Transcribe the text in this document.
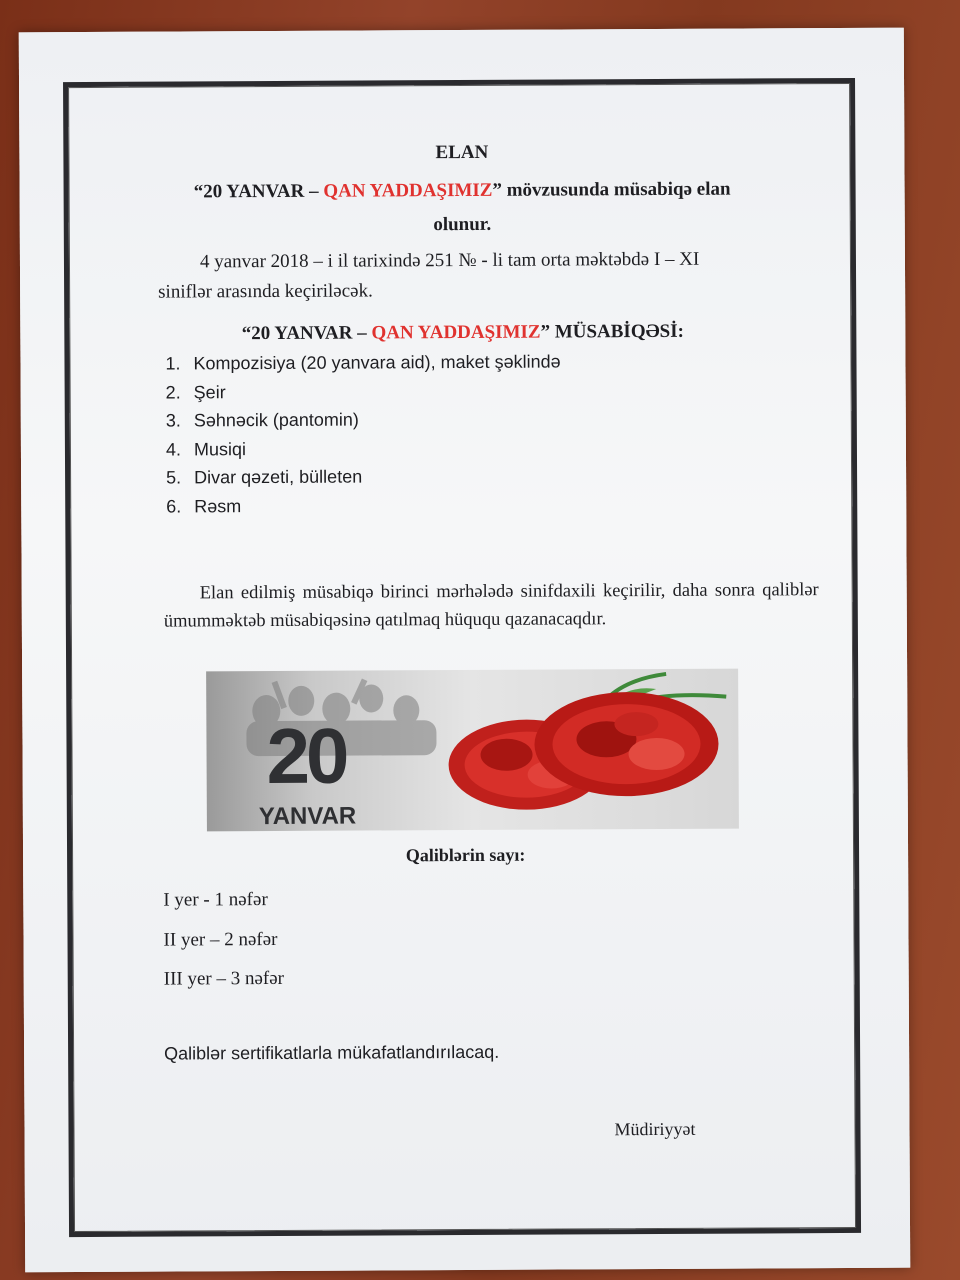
ELAN
“20 YANVAR – QAN YADDAŞIMIZ” mövzusunda müsabiqə elan
olunur.
4 yanvar 2018 – i il tarixində 251 № - li tam orta məktəbdə I – XI
siniflər arasında keçiriləcək.
“20 YANVAR – QAN YADDAŞIMIZ” MÜSABİQƏSİ:
1. Kompozisiya (20 yanvara aid), maket şəklində
2. Şeir
3. Səhnəcik (pantomin)
4. Musiqi
5. Divar qəzeti, bülleten
6. Rəsm
Elan edilmiş müsabiqə birinci mərhələdə sinifdaxili keçirilir, daha sonra qaliblər ümumməktəb müsabiqəsinə qatılmaq hüququ qazanacaqdır.
20
YANVAR
Qaliblərin sayı:
I yer - 1 nəfər
II yer – 2 nəfər
III yer – 3 nəfər
Qaliblər sertifikatlarla mükafatlandırılacaq.
Müdiriyyət
